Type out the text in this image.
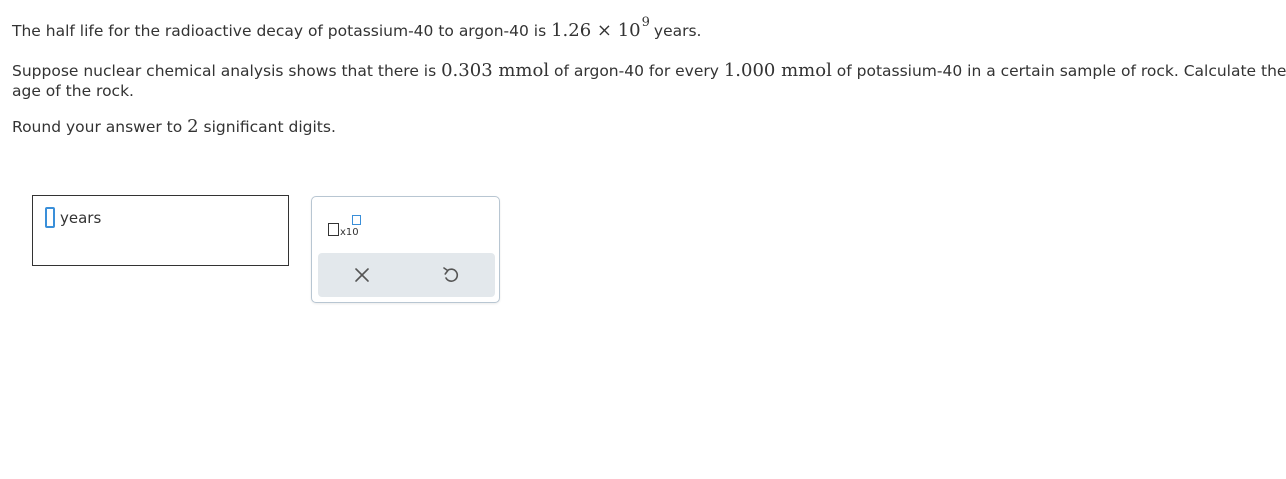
The half life for the radioactive decay of potassium-40 to argon-40 is $1.26 \times 10^9$ years.
Suppose nuclear chemical analysis shows that there is 0.303 mmol of argon-40 for every 1.000 mmol of potassium-40 in a certain sample of rock. Calculate the
age of the rock.
Round your answer to 2 significant digits.
years
x10
